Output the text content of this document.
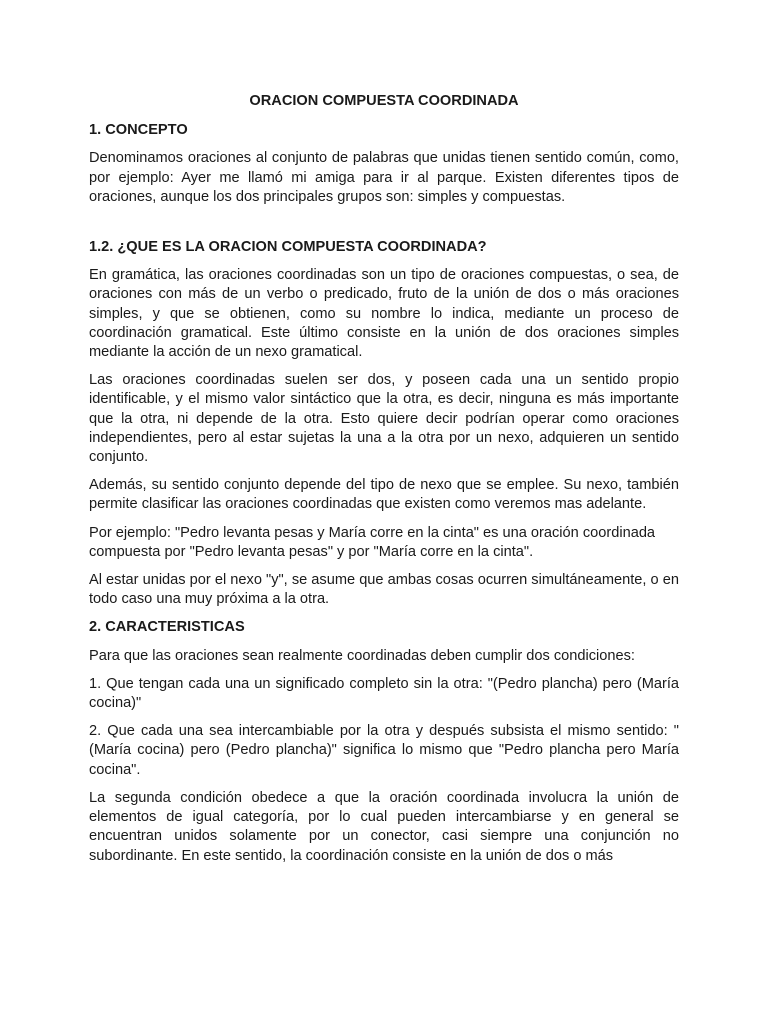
ORACION COMPUESTA COORDINADA
1. CONCEPTO

Denominamos oraciones al conjunto de palabras que unidas tienen sentido común, como, por ejemplo: Ayer me llamó mi amiga para ir al parque. Existen diferentes tipos de oraciones, aunque los dos principales grupos son: simples y compuestas.

1.2. ¿QUE ES LA ORACION COMPUESTA COORDINADA?

En gramática, las oraciones coordinadas son un tipo de oraciones compuestas, o sea, de oraciones con más de un verbo o predicado, fruto de la unión de dos o más oraciones simples, y que se obtienen, como su nombre lo indica, mediante un proceso de coordinación gramatical. Este último consiste en la unión de dos oraciones simples mediante la acción de un nexo gramatical.

Las oraciones coordinadas suelen ser dos, y poseen cada una un sentido propio identificable, y el mismo valor sintáctico que la otra, es decir, ninguna es más importante que la otra, ni depende de la otra. Esto quiere decir podrían operar como oraciones independientes, pero al estar sujetas la una a la otra por un nexo, adquieren un sentido conjunto.

Además, su sentido conjunto depende del tipo de nexo que se emplee. Su nexo, también permite clasificar las oraciones coordinadas que existen como veremos mas adelante.

Por ejemplo: "Pedro levanta pesas y María corre en la cinta" es una oración coordinada compuesta por "Pedro levanta pesas" y por "María corre en la cinta".

Al estar unidas por el nexo "y", se asume que ambas cosas ocurren simultáneamente, o en todo caso una muy próxima a la otra.

2. CARACTERISTICAS

Para que las oraciones sean realmente coordinadas deben cumplir dos condiciones:

1. Que tengan cada una un significado completo sin la otra: "(Pedro plancha) pero (María cocina)"

2. Que cada una sea intercambiable por la otra y después subsista el mismo sentido: "(María cocina) pero (Pedro plancha)" significa lo mismo que "Pedro plancha pero María cocina".

La segunda condición obedece a que la oración coordinada involucra la unión de elementos de igual categoría, por lo cual pueden intercambiarse y en general se encuentran unidos solamente por un conector, casi siempre una conjunción no subordinante. En este sentido, la coordinación consiste en la unión de dos o más
